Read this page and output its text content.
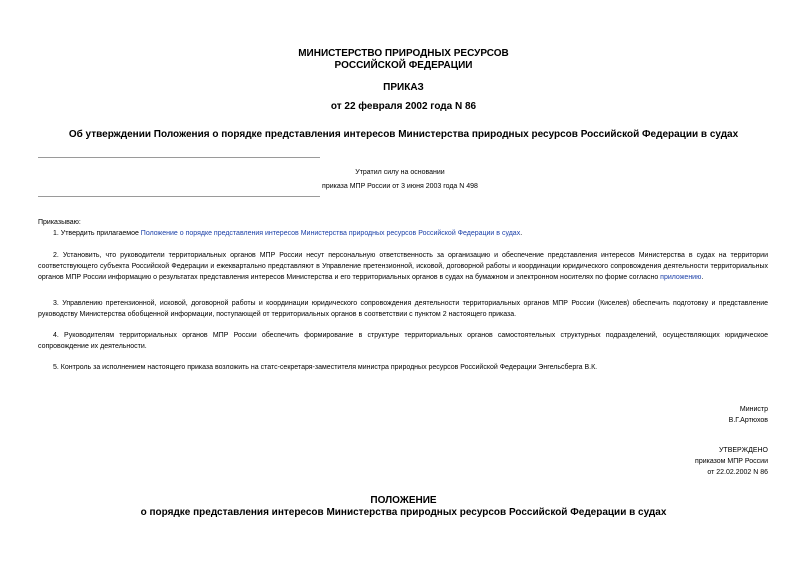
МИНИСТЕРСТВО ПРИРОДНЫХ РЕСУРСОВ
РОССИЙСКОЙ ФЕДЕРАЦИИ
ПРИКАЗ
от 22 февраля 2002 года N 86
Об утверждении Положения о порядке представления интересов Министерства природных ресурсов Российской Федерации в судах
Утратил силу на основании
приказа МПР России от 3 июня 2003 года N 498
Приказываю:
1. Утвердить прилагаемое Положение о порядке представления интересов Министерства природных ресурсов Российской Федерации в судах.
2. Установить, что руководители территориальных органов МПР России несут персональную ответственность за организацию и обеспечение представления интересов Министерства в судах на территории соответствующего субъекта Российской Федерации и ежеквартально представляют в Управление претензионной, исковой, договорной работы и координации юридического сопровождения деятельности территориальных органов МПР России информацию о результатах представления интересов Министерства и его территориальных органов в судах на бумажном и электронном носителях по форме согласно приложению.
3. Управлению претензионной, исковой, договорной работы и координации юридического сопровождения деятельности территориальных органов МПР России (Киселев) обеспечить подготовку и представление руководству Министерства обобщенной информации, поступающей от территориальных органов в соответствии с пунктом 2 настоящего приказа.
4. Руководителям территориальных органов МПР России обеспечить формирование в структуре территориальных органов самостоятельных структурных подразделений, осуществляющих юридическое сопровождение их деятельности.
5. Контроль за исполнением настоящего приказа возложить на статс-секретаря-заместителя министра природных ресурсов Российской Федерации Энгельсберга В.К.
Министр
В.Г.Артюхов
УТВЕРЖДЕНО
приказом МПР России
от 22.02.2002 N 86
ПОЛОЖЕНИЕ
о порядке представления интересов Министерства природных ресурсов Российской Федерации в судах
